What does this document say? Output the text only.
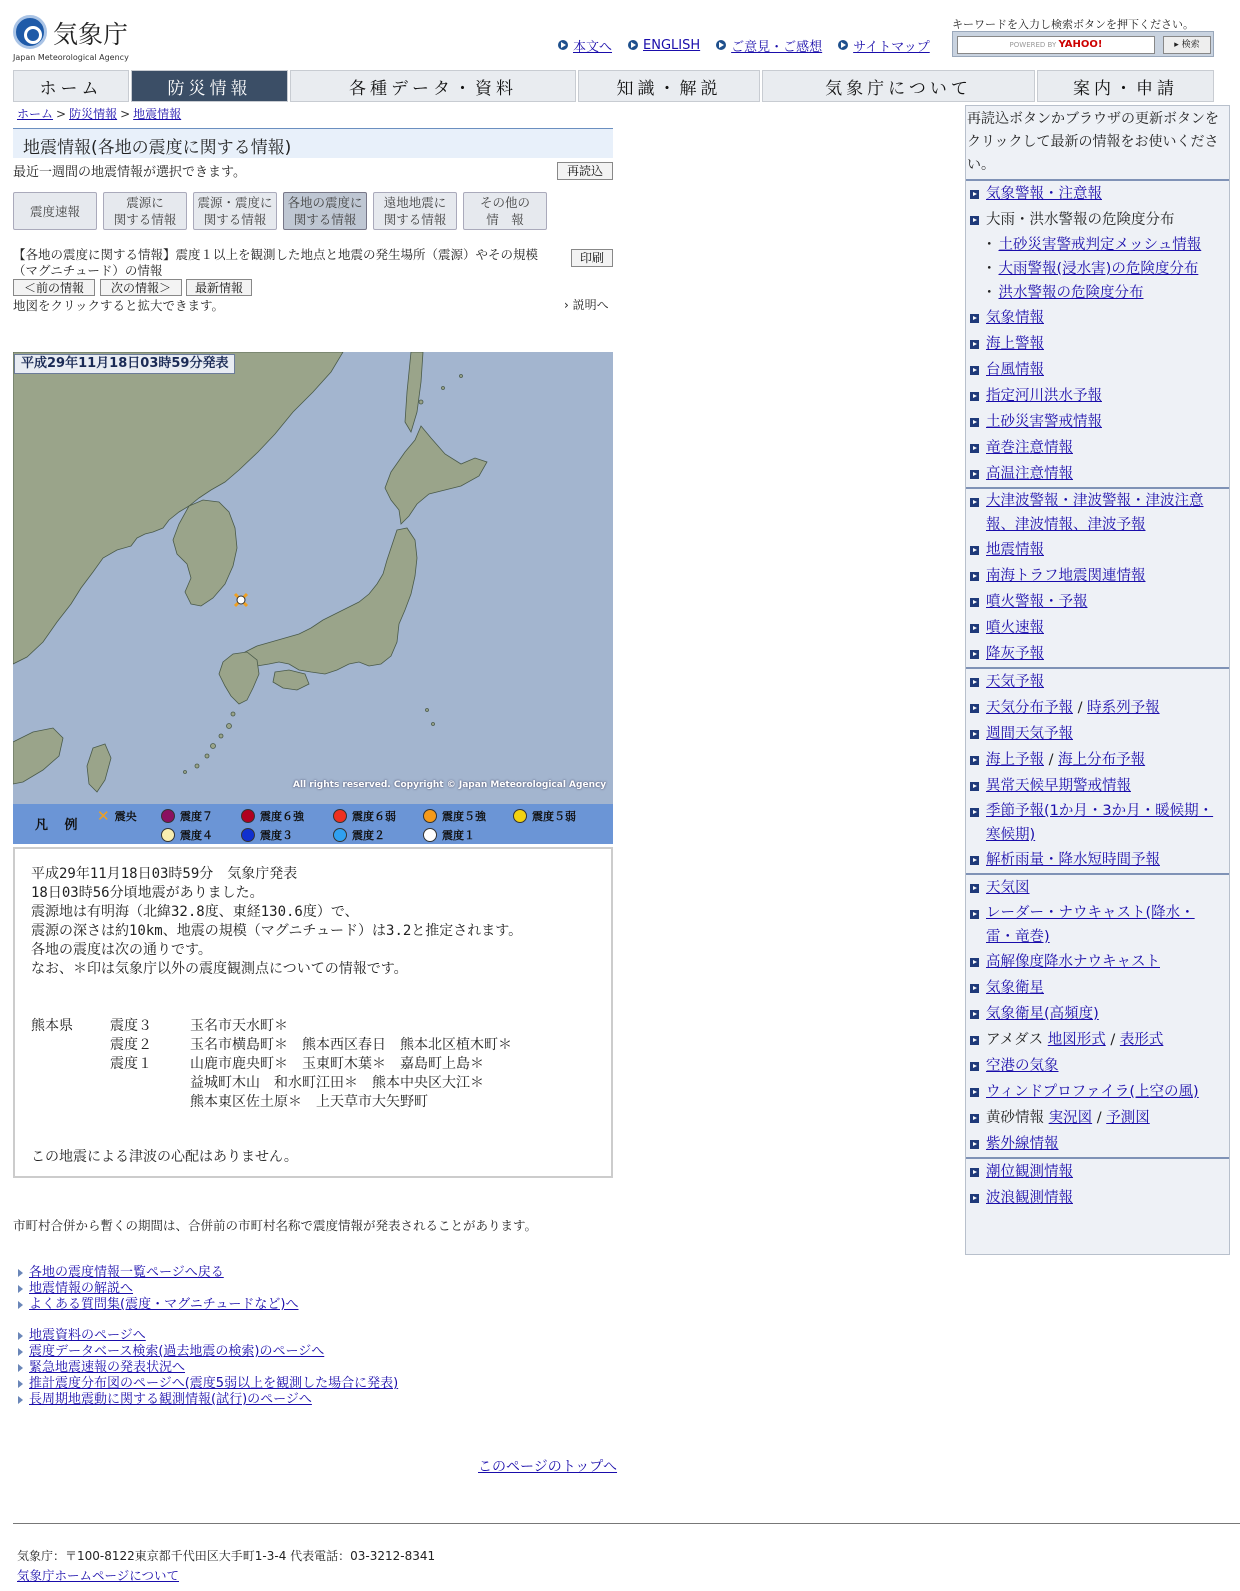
気象庁
Japan Meteorological Agency
本文へ ENGLISH ご意見・ご感想 サイトマップ
キーワードを入力し検索ボタンを押下ください。
POWERED BY YAHOO!	▸ 検索
ホーム	防災情報	各種データ・資料	知識・解説	気象庁について	案内・申請
ホーム > 防災情報 > 地震情報
地震情報(各地の震度に関する情報)
最近一週間の地震情報が選択できます。	再読込
震度速報
震源に
関する情報
震源・震度に
関する情報
各地の震度に
関する情報
遠地地震に
関する情報
その他の
情　報
【各地の震度に関する情報】震度１以上を観測した地点と地震の発生場所（震源）やその規模（マグニチュード）の情報
印刷
＜前の情報	次の情報＞	最新情報
地図をクリックすると拡大できます。	› 説明へ
平成29年11月18日03時59分発表
All rights reserved. Copyright © Japan Meteorological Agency
凡 例
✕ 震央	震度７	震度６強	震度６弱	震度５強	震度５弱
震度４	震度３	震度２	震度１
平成29年11月18日03時59分　気象庁発表
18日03時56分頃地震がありました。
震源地は有明海（北緯32.8度、東経130.6度）で、
震源の深さは約10km、地震の規模（マグニチュード）は3.2と推定されます。
各地の震度は次の通りです。
なお、＊印は気象庁以外の震度観測点についての情報です。
熊本県	震度３	玉名市天水町＊
震度２	玉名市横島町＊　熊本西区春日　熊本北区植木町＊
震度１	山鹿市鹿央町＊　玉東町木葉＊　嘉島町上島＊
益城町木山　和水町江田＊　熊本中央区大江＊
熊本東区佐土原＊　上天草市大矢野町
この地震による津波の心配はありません。
市町村合併から暫くの期間は、合併前の市町村名称で震度情報が発表されることがあります。
各地の震度情報一覧ページへ戻る
地震情報の解説へ
よくある質問集(震度・マグニチュードなど)へ
地震資料のページへ
震度データベース検索(過去地震の検索)のページへ
緊急地震速報の発表状況へ
推計震度分布図のページへ(震度5弱以上を観測した場合に発表)
長周期地震動に関する観測情報(試行)のページへ
このページのトップへ
気象庁：〒100-8122東京都千代田区大手町1-3-4 代表電話：03-3212-8341
気象庁ホームページについて
再読込ボタンかブラウザの更新ボタンをクリックして最新の情報をお使いください。
気象警報・注意報
大雨・洪水警報の危険度分布
・ 土砂災害警戒判定メッシュ情報
・ 大雨警報(浸水害)の危険度分布
・ 洪水警報の危険度分布
気象情報
海上警報
台風情報
指定河川洪水予報
土砂災害警戒情報
竜巻注意情報
高温注意情報
大津波警報・津波警報・津波注意報、津波情報、津波予報
地震情報
南海トラフ地震関連情報
噴火警報・予報
噴火速報
降灰予報
天気予報
天気分布予報 / 時系列予報
週間天気予報
海上予報 / 海上分布予報
異常天候早期警戒情報
季節予報(1か月・3か月・暖候期・寒候期)
解析雨量・降水短時間予報
天気図
レーダー・ナウキャスト(降水・雷・竜巻)
高解像度降水ナウキャスト
気象衛星
気象衛星(高頻度)
アメダス 地図形式 / 表形式
空港の気象
ウィンドプロファイラ(上空の風)
黄砂情報 実況図 / 予測図
紫外線情報
潮位観測情報
波浪観測情報
